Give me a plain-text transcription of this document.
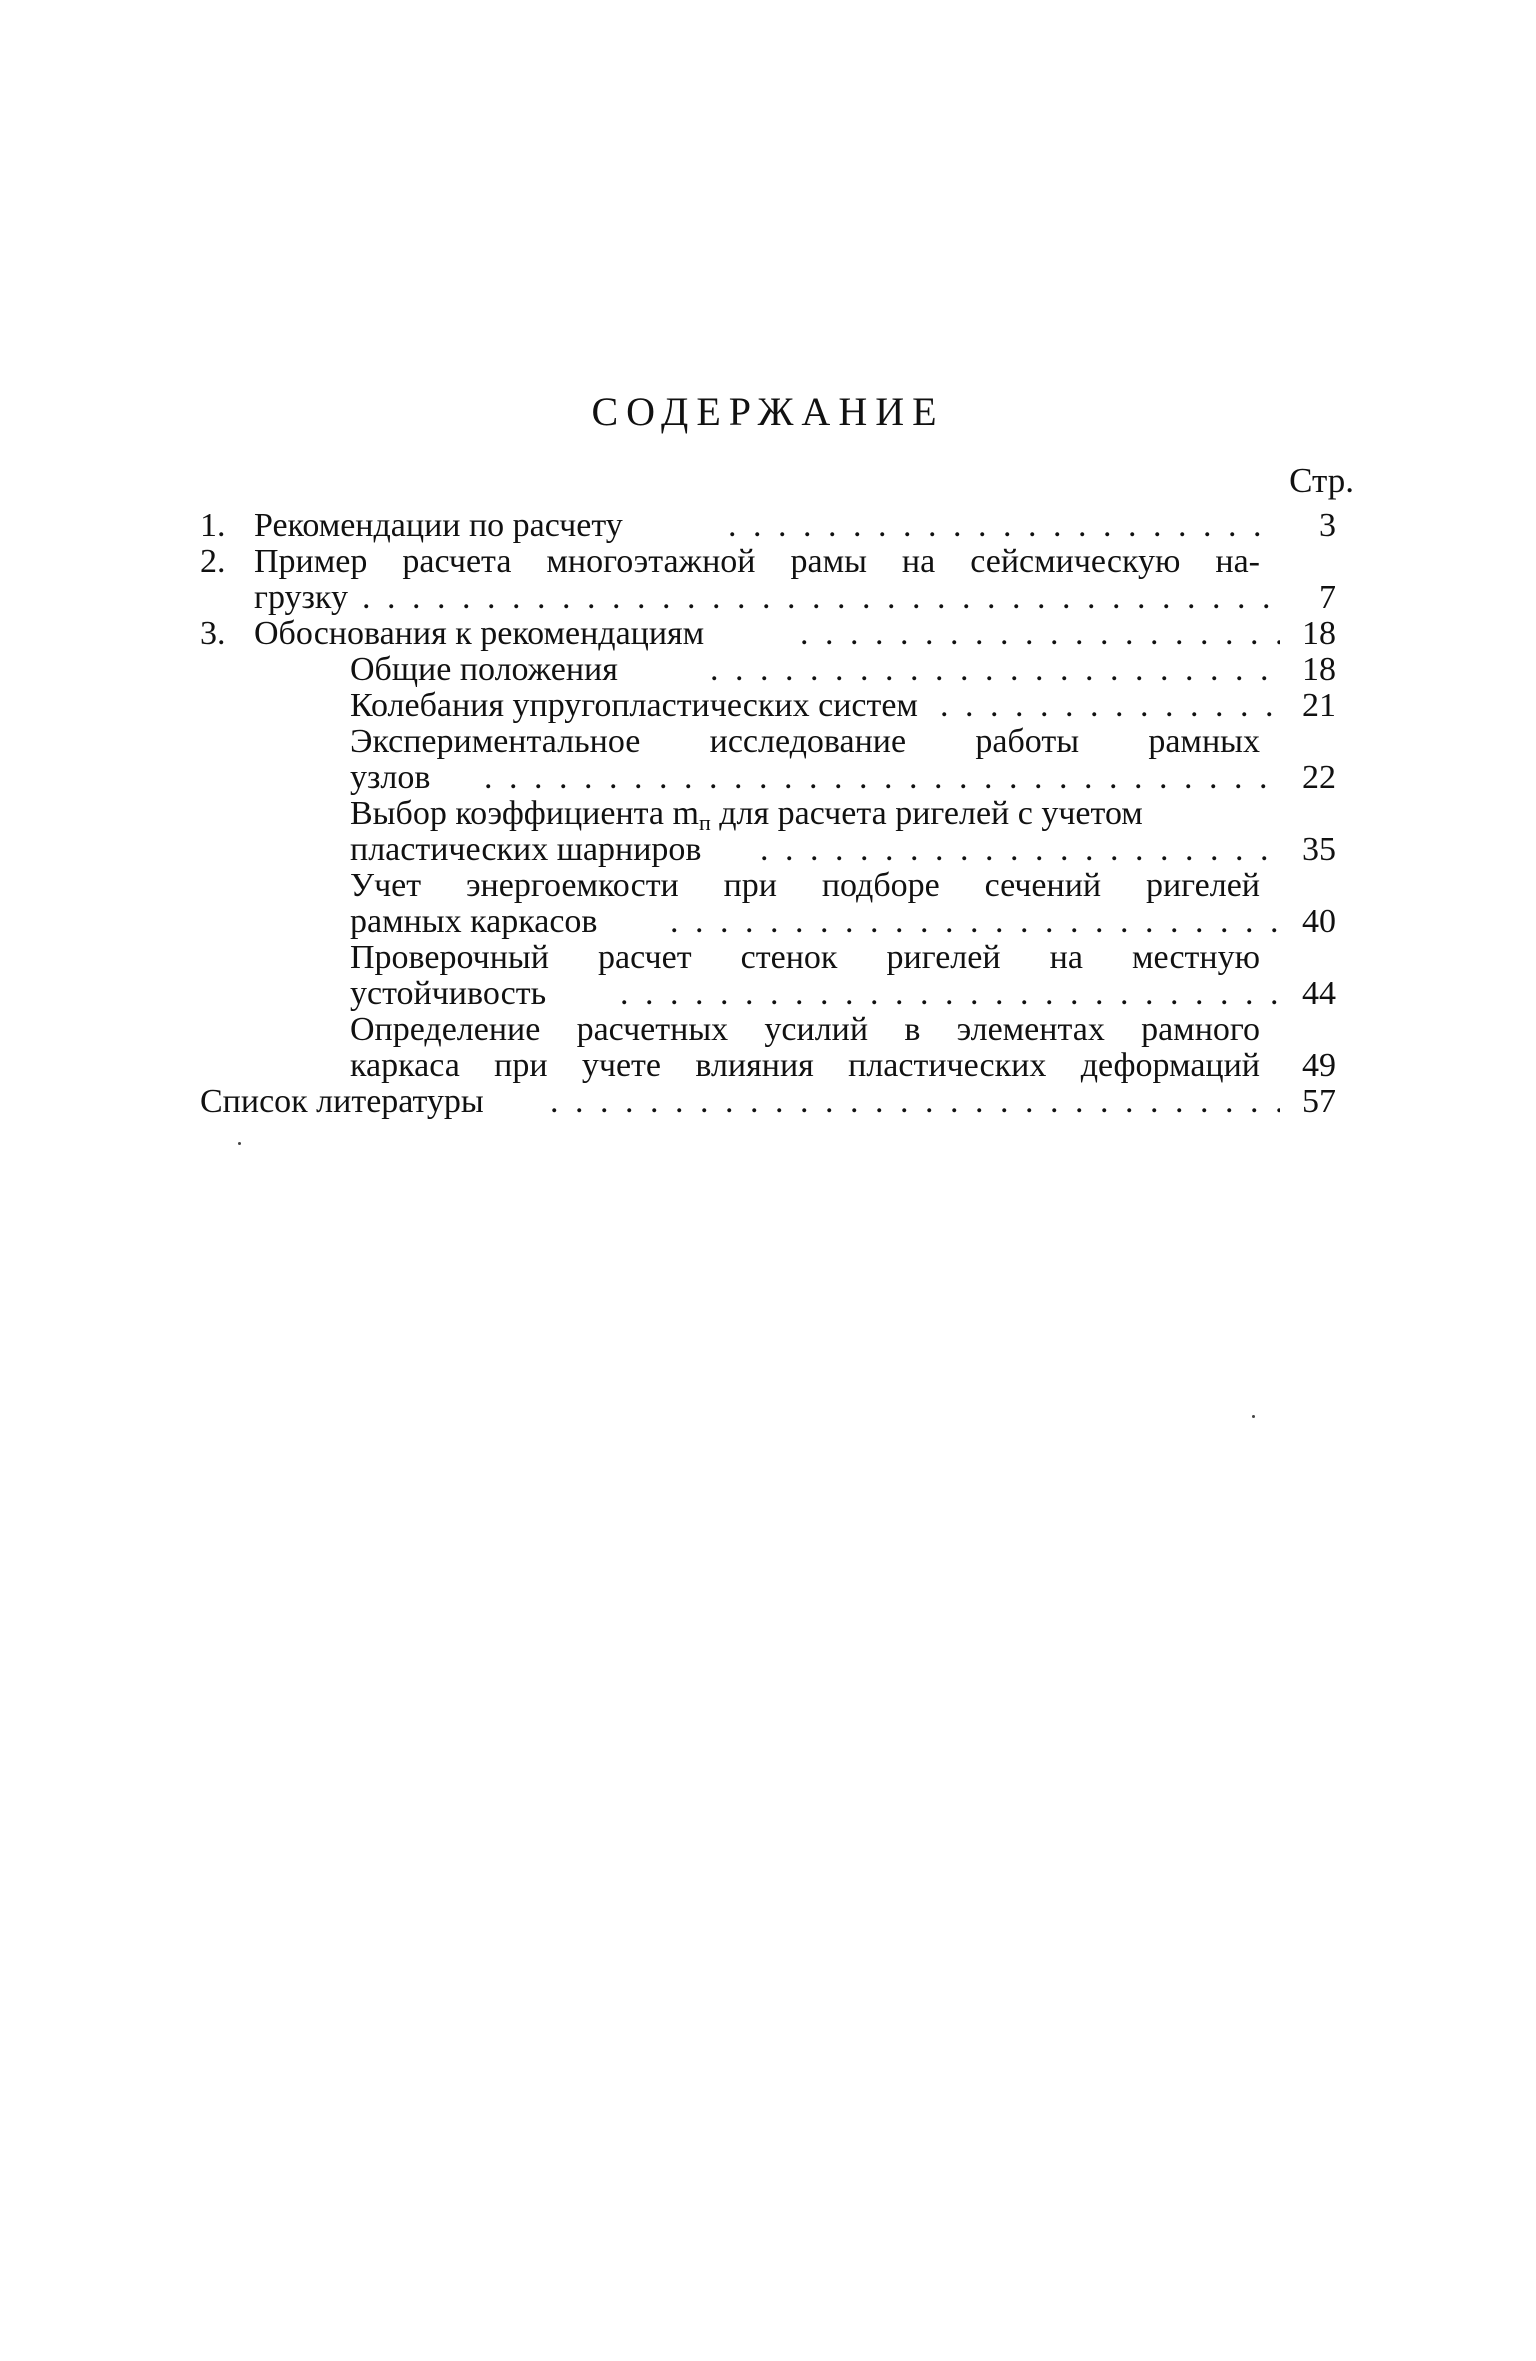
СОДЕРЖАНИЕ
Стр.
1. Рекомендации по расчету . . .	3
2. Пример расчета многоэтажной рамы на сейсмическую на-
грузку . . .	7
3. Обоснования к рекомендациям . . .	18
Общие положения . . .	18
Колебания упругопластических систем . . .	21
Экспериментальное исследование работы рамных
узлов . . .	22
Выбор коэффициента mп для расчета ригелей с учетом
пластических шарниров . . .	35
Учет энергоемкости при подборе сечений ригелей
рамных каркасов . . .	40
Проверочный расчет стенок ригелей на местную
устойчивость . . .	44
Определение расчетных усилий в элементах рамного
каркаса при учете влияния пластических деформаций	49
Список литературы . . .	57
